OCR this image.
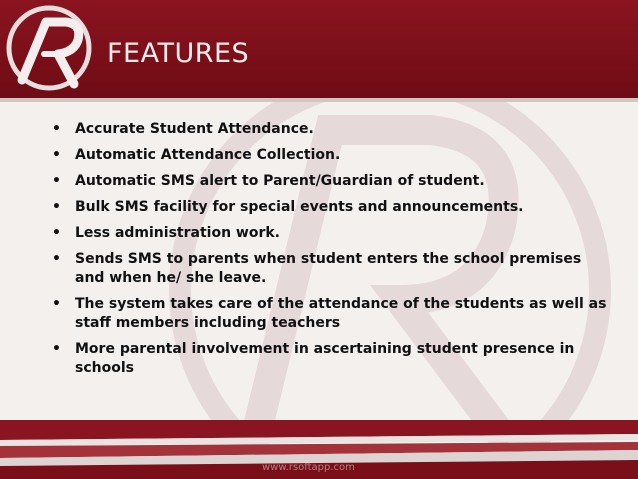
FEATURES
• Accurate Student Attendance.
• Automatic Attendance Collection.
• Automatic SMS alert to Parent/Guardian of student.
• Bulk SMS facility for special events and announcements.
• Less administration work.
• Sends SMS to parents when student enters the school premises and when he/ she leave.
• The system takes care of the attendance of the students as well as staff members including teachers
• More parental involvement in ascertaining student presence in schools
www.rsoftapp.com
